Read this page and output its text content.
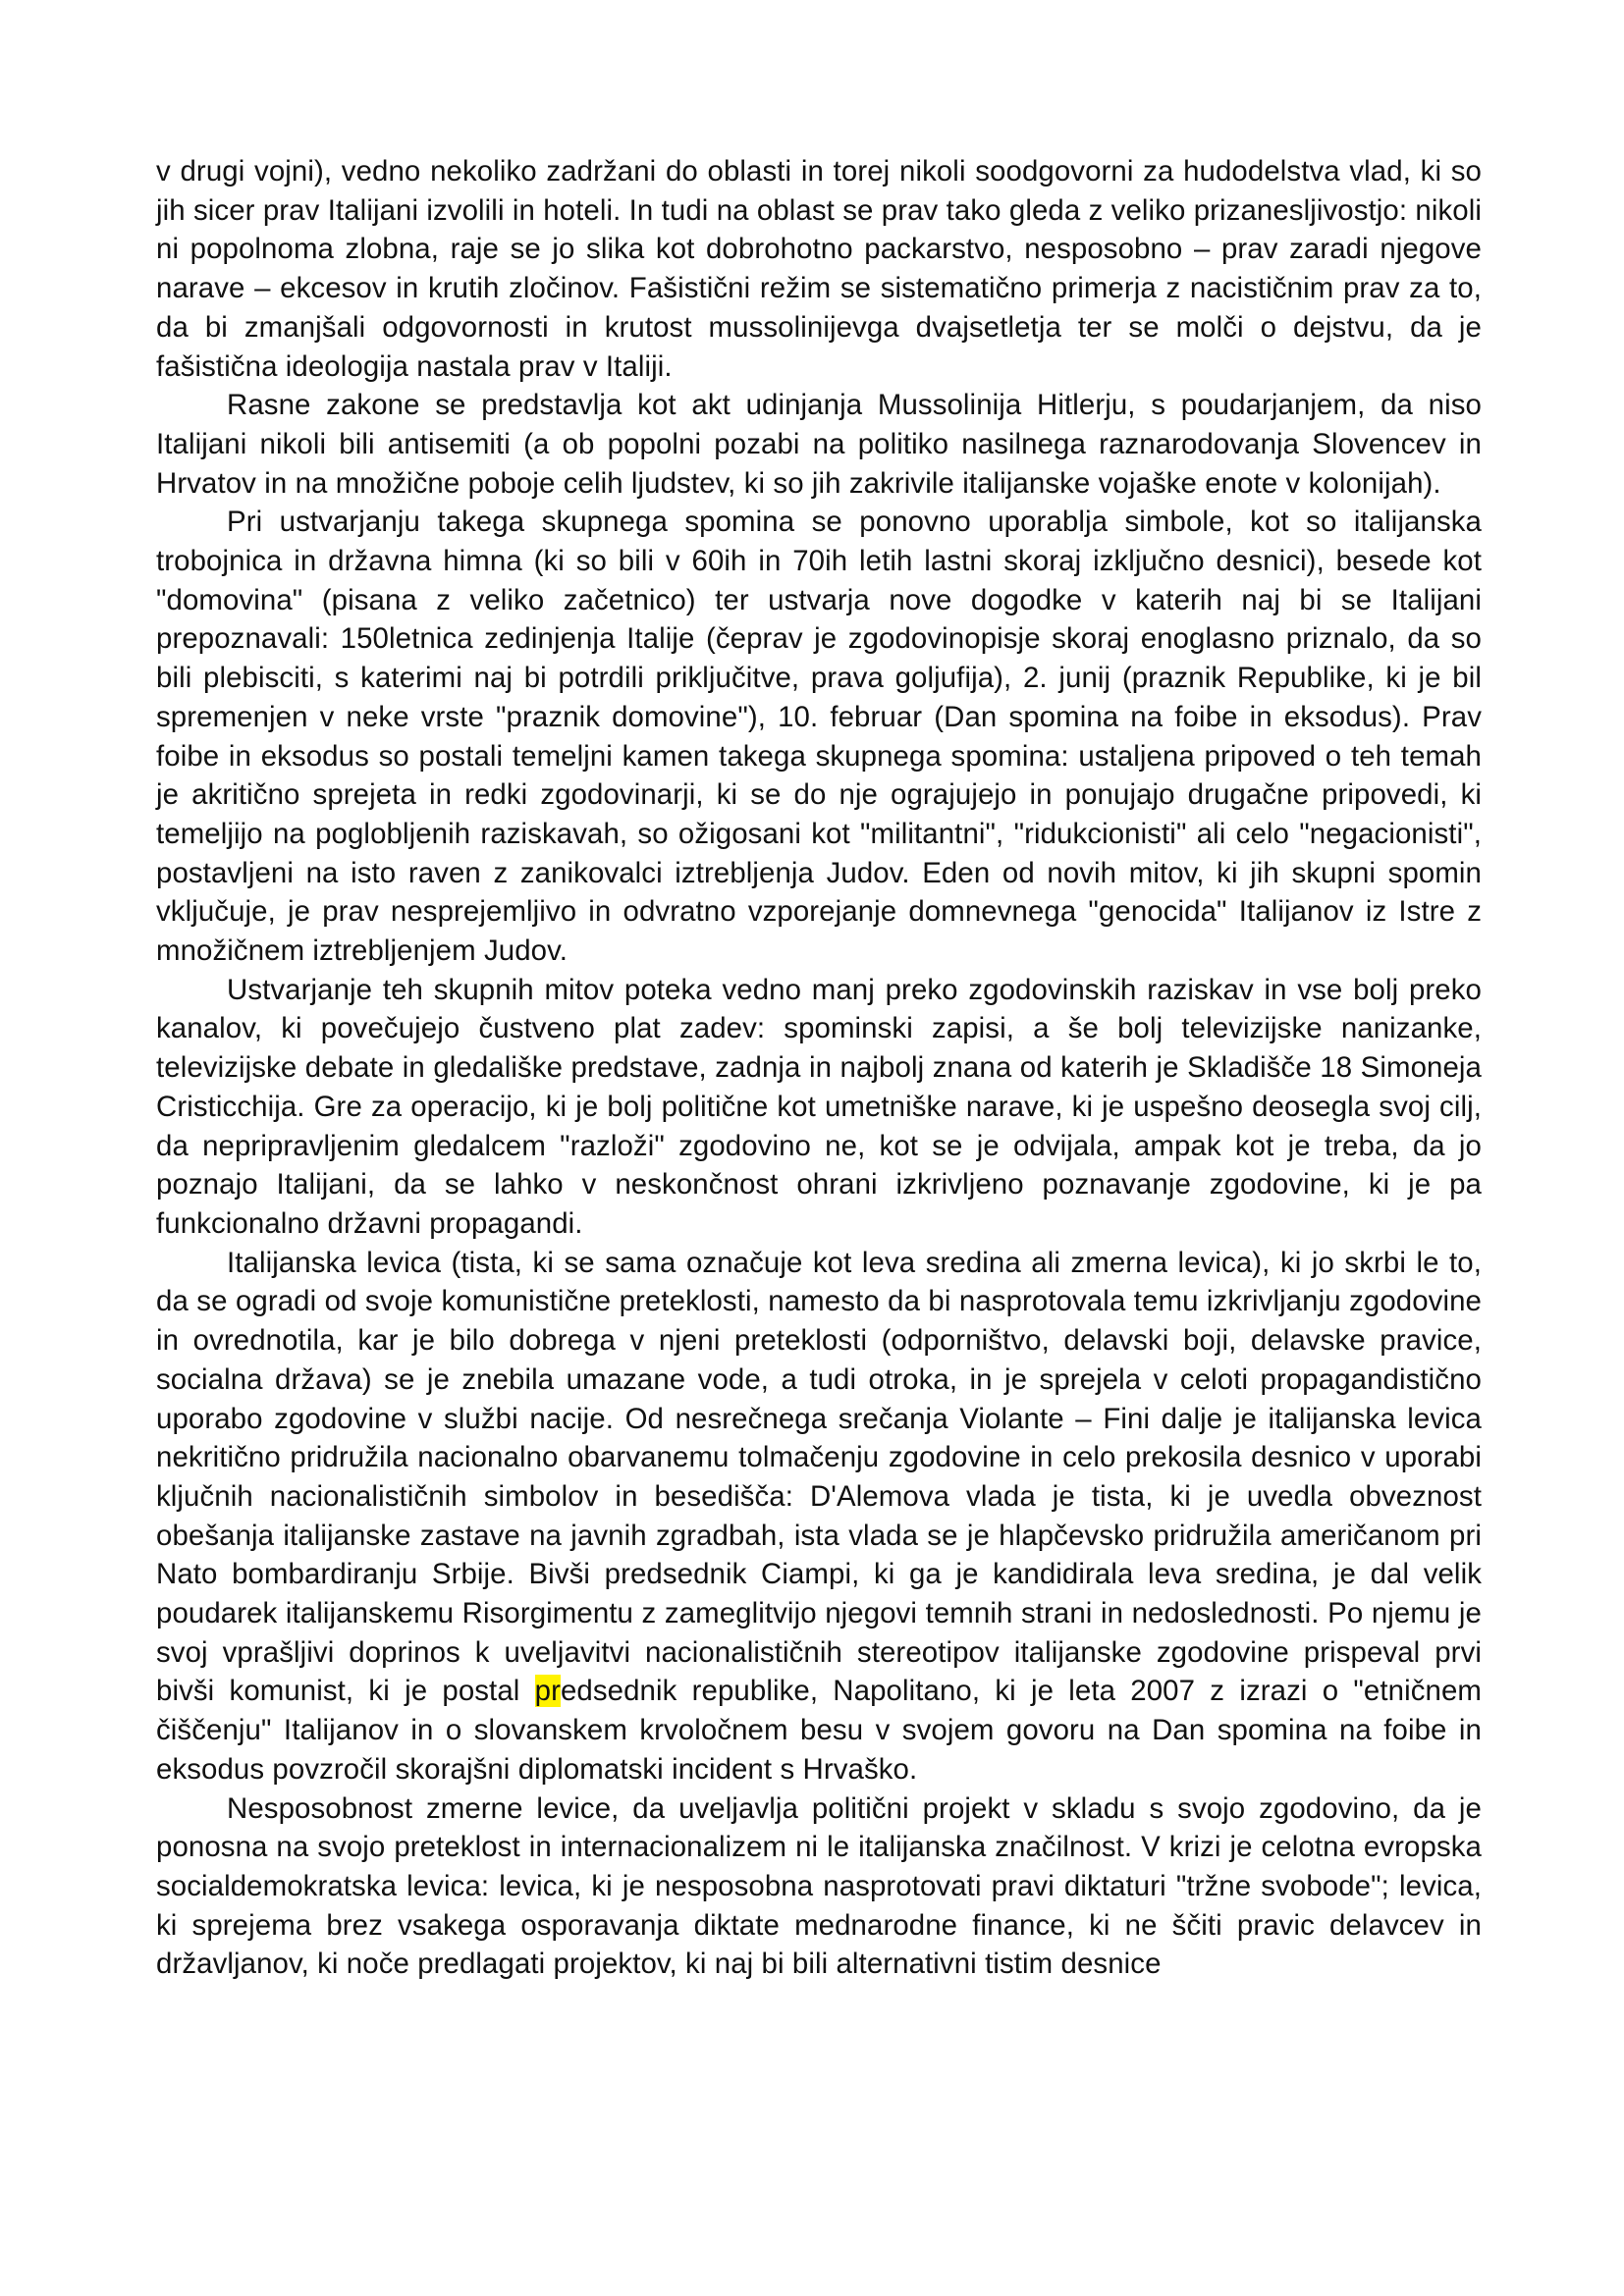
v drugi vojni), vedno nekoliko zadržani do oblasti in torej nikoli soodgovorni za hudodelstva vlad, ki so jih sicer prav Italijani izvolili in hoteli. In tudi na oblast se prav tako gleda z veliko prizanesljivostjo: nikoli ni popolnoma zlobna, raje se jo slika kot dobrohotno packarstvo, nesposobno – prav zaradi njegove narave – ekcesov in krutih zločinov. Fašistični režim se sistematično primerja z nacističnim prav za to, da bi zmanjšali odgovornosti in krutost mussolinijevga dvajsetletja ter se molči o dejstvu, da je fašistična ideologija nastala prav v Italiji.

Rasne zakone se predstavlja kot akt udinjanja Mussolinija Hitlerju, s poudarjanjem, da niso Italijani nikoli bili antisemiti (a ob popolni pozabi na politiko nasilnega raznarodovanja Slovencev in Hrvatov in na množične poboje celih ljudstev, ki so jih zakrivile italijanske vojaške enote v kolonijah).

Pri ustvarjanju takega skupnega spomina se ponovno uporablja simbole, kot so italijanska trobojnica in državna himna (ki so bili v 60ih in 70ih letih lastni skoraj izključno desnici), besede kot "domovina" (pisana z veliko začetnico) ter ustvarja nove dogodke v katerih naj bi se Italijani prepoznavali: 150letnica zedinjenja Italije (čeprav je zgodovinopisje skoraj enoglasno priznalo, da so bili plebisciti, s katerimi naj bi potrdili priključitve, prava goljufija), 2. junij (praznik Republike, ki je bil spremenjen v neke vrste "praznik domovine"), 10. februar (Dan spomina na foibe in eksodus). Prav foibe in eksodus so postali temeljni kamen takega skupnega spomina: ustaljena pripoved o teh temah je akritično sprejeta in redki zgodovinarji, ki se do nje ograjujejo in ponujajo drugačne pripovedi, ki temeljijo na poglobljenih raziskavah, so ožigosani kot "militantni", "ridukcionisti" ali celo "negacionisti", postavljeni na isto raven z zanikovalci iztrebljenja Judov. Eden od novih mitov, ki jih skupni spomin vključuje, je prav nesprejemljivo in odvratno vzporejanje domnevnega "genocida" Italijanov iz Istre z množičnem iztrebljenjem Judov.

Ustvarjanje teh skupnih mitov poteka vedno manj preko zgodovinskih raziskav in vse bolj preko kanalov, ki povečujejo čustveno plat zadev: spominski zapisi, a še bolj televizijske nanizanke, televizijske debate in gledališke predstave, zadnja in najbolj znana od katerih je Skladišče 18 Simoneja Cristicchija. Gre za operacijo, ki je bolj politične kot umetniške narave, ki je uspešno deosegla svoj cilj, da nepripravljenim gledalcem "razloži" zgodovino ne, kot se je odvijala, ampak kot je treba, da jo poznajo Italijani, da se lahko v neskončnost ohrani izkrivljeno poznavanje zgodovine, ki je pa funkcionalno državni propagandi.

Italijanska levica (tista, ki se sama označuje kot leva sredina ali zmerna levica), ki jo skrbi le to, da se ogradi od svoje komunistične preteklosti, namesto da bi nasprotovala temu izkrivljanju zgodovine in ovrednotila, kar je bilo dobrega v njeni preteklosti (odporništvo, delavski boji, delavske pravice, socialna država) se je znebila umazane vode, a tudi otroka, in je sprejela v celoti propagandistično uporabo zgodovine v službi nacije. Od nesrečnega srečanja Violante – Fini dalje je italijanska levica nekritično pridružila nacionalno obarvanemu tolmačenju zgodovine in celo prekosila desnico v uporabi ključnih nacionalističnih simbolov in besedišča: D'Alemova vlada je tista, ki je uvedla obveznost obešanja italijanske zastave na javnih zgradbah, ista vlada se je hlapčevsko pridružila američanom pri Nato bombardiranju Srbije. Bivši predsednik Ciampi, ki ga je kandidirala leva sredina, je dal velik poudarek italijanskemu Risorgimentu z zameglitvijo njegovi temnih strani in nedoslednosti. Po njemu je svoj vprašljivi doprinos k uveljavitvi nacionalističnih stereotipov italijanske zgodovine prispeval prvi bivši komunist, ki je postal predsednik republike, Napolitano, ki je leta 2007 z izrazi o "etničnem čiščenju" Italijanov in o slovanskem krvoločnem besu v svojem govoru na Dan spomina na foibe in eksodus povzročil skorajšni diplomatski incident s Hrvaško.

Nesposobnost zmerne levice, da uveljavlja politični projekt v skladu s svojo zgodovino, da je ponosna na svojo preteklost in internacionalizem ni le italijanska značilnost. V krizi je celotna evropska socialdemokratska levica: levica, ki je nesposobna nasprotovati pravi diktaturi "tržne svobode"; levica, ki sprejema brez vsakega osporavanja diktate mednarodne finance, ki ne ščiti pravic delavcev in državljanov, ki noče predlagati projektov, ki naj bi bili alternativni tistim desnice
